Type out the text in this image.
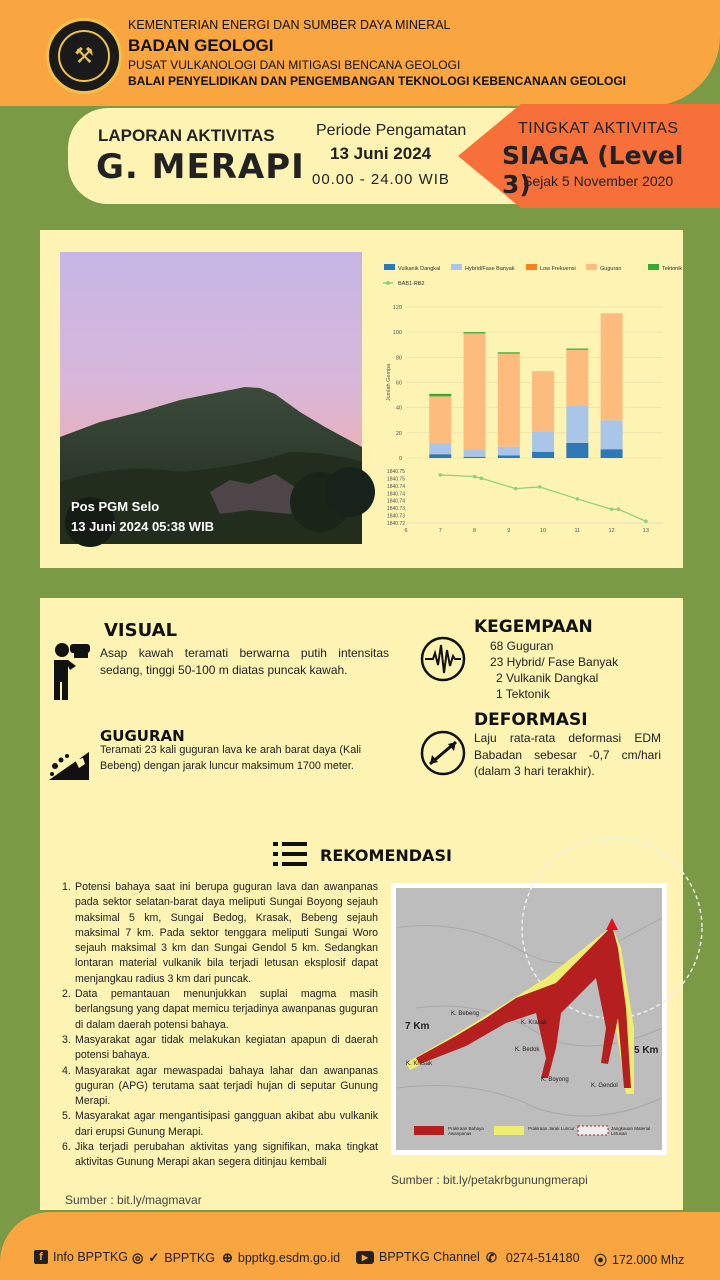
⚒
KEMENTERIAN ENERGI DAN SUMBER DAYA MINERAL
BADAN GEOLOGI
PUSAT VULKANOLOGI DAN MITIGASI BENCANA GEOLOGI
BALAI PENYELIDIKAN DAN PENGEMBANGAN TEKNOLOGI KEBENCANAAN GEOLOGI
LAPORAN AKTIVITAS
G. MERAPI
Periode Pengamatan
13 Juni 2024
00.00 - 24.00 WIB
TINGKAT AKTIVITAS
SIAGA (Level 3)
Sejak 5 November 2020
Pos PGM Selo
13 Juni 2024 05:38 WIB
Vulkanik Dangkal	Hybrid/Fase Banyak	Low Frekuensi	Guguran	Tektonik
BAB1-RB2
0
20
40
60
80
100
120
Jumlah Gempa
1840.75
1840.75
1840.74
1840.74
1840.74
1840.73
1840.73
1840.72
6	7	8	9	10	11	12	13
VISUAL
Asap kawah teramati berwarna putih intensitas sedang, tinggi 50-100 m diatas puncak kawah.
GUGURAN
Teramati 23 kali guguran lava ke arah barat daya (Kali Bebeng) dengan jarak luncur maksimum 1700 meter.
KEGEMPAAN
68 Guguran
23 Hybrid/ Fase Banyak
2 Vulkanik Dangkal
1 Tektonik
DEFORMASI
Laju rata-rata deformasi EDM Babadan sebesar -0,7 cm/hari (dalam 3 hari terakhir).
REKOMENDASI
1. Potensi bahaya saat ini berupa guguran lava dan awanpanas pada sektor selatan-barat daya meliputi Sungai Boyong sejauh maksimal 5 km, Sungai Bedog, Krasak, Bebeng sejauh maksimal 7 km. Pada sektor tenggara meliputi Sungai Woro sejauh maksimal 3 km dan Sungai Gendol 5 km. Sedangkan lontaran material vulkanik bila terjadi letusan eksplosif dapat menjangkau radius 3 km dari puncak.
2. Data pemantauan menunjukkan suplai magma masih berlangsung yang dapat memicu terjadinya awanpanas guguran di dalam daerah potensi bahaya.
3. Masyarakat agar tidak melakukan kegiatan apapun di daerah potensi bahaya.
4. Masyarakat agar mewaspadai bahaya lahar dan awanpanas guguran (APG) terutama saat terjadi hujan di seputar Gunung Merapi.
5. Masyarakat agar mengantisipasi gangguan akibat abu vulkanik dari erupsi Gunung Merapi.
6. Jika terjadi perubahan aktivitas yang signifikan, maka tingkat aktivitas Gunung Merapi akan segera ditinjau kembali
Sumber : bit.ly/magmavar
7 Km
5 Km
K. Bebeng
K. Krasak
K. Krasak
K. Bedok
K. Boyong
K. Gendol
Prakiraan Bahaya Awanpanas
Prakiraan Jarak Luncur	Jangkauan Material Letusan
Sumber : bit.ly/petakrbgunungmerapi
f Info BPPTKG ◎ ✓ BPPTKG ⊕ bpptkg.esdm.go.id	▶ BPPTKG Channel ✆ 0274-514180 ⦿ 172.000 Mhz
